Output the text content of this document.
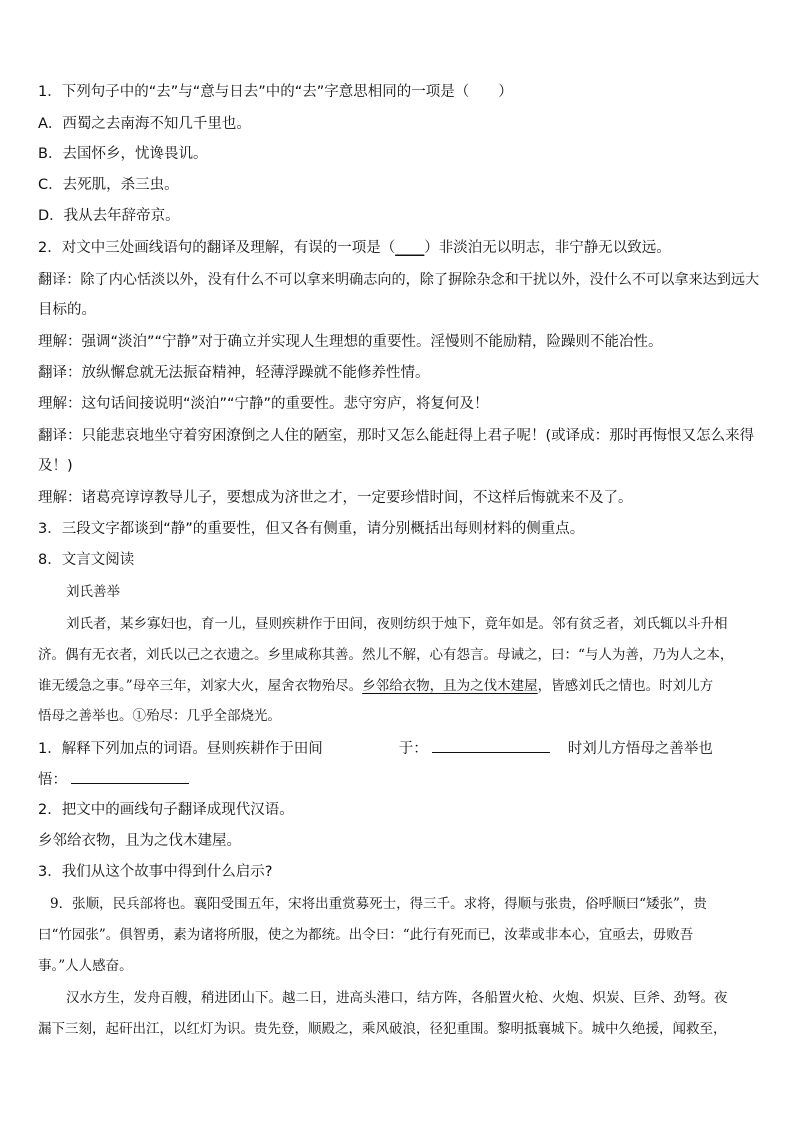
1．下列句子中的“去”与“意与日去”中的“去”字意思相同的一项是（　　）
A．西蜀之去南海不知几千里也。
B．去国怀乡，忧谗畏讥。
C．去死肌，杀三虫。
D．我从去年辞帝京。
2．对文中三处画线语句的翻译及理解，有误的一项是（____）非淡泊无以明志，非宁静无以致远。
翻译：除了内心恬淡以外，没有什么不可以拿来明确志向的，除了摒除杂念和干扰以外，没什么不可以拿来达到远大
目标的。
理解：强调“淡泊”“宁静”对于确立并实现人生理想的重要性。淫慢则不能励精，险躁则不能冶性。
翻译：放纵懈怠就无法振奋精神，轻薄浮躁就不能修养性情。
理解：这句话间接说明“淡泊”“宁静”的重要性。悲守穷庐，将复何及！
翻译：只能悲哀地坐守着穷困潦倒之人住的陋室，那时又怎么能赶得上君子呢！(或译成：那时再悔恨又怎么来得
及！)
理解：诸葛亮谆谆教导儿子，要想成为济世之才，一定要珍惜时间，不这样后悔就来不及了。
3．三段文字都谈到“静”的重要性，但又各有侧重，请分别概括出每则材料的侧重点。
8．文言文阅读
刘氏善举
刘氏者，某乡寡妇也，育一儿，昼则疾耕作于田间，夜则纺织于烛下，竟年如是。邻有贫乏者，刘氏辄以斗升相
济。偶有无衣者，刘氏以己之衣遗之。乡里咸称其善。然儿不解，心有怨言。母诫之，曰：“与人为善，乃为人之本，
谁无缓急之事。”母卒三年，刘家大火，屋舍衣物殆尽。乡邻给衣物，且为之伐木建屋，皆感刘氏之情也。时刘儿方
悟母之善举也。①殆尽：几乎全部烧光。
1．解释下列加点的词语。昼则疾耕作于田间	于：	时刘儿方悟母之善举也
悟：
2．把文中的画线句子翻译成现代汉语。
乡邻给衣物，且为之伐木建屋。
3．我们从这个故事中得到什么启示?
9．张顺，民兵部将也。襄阳受围五年，宋将出重赏募死士，得三千。求将，得顺与张贵，俗呼顺曰“矮张”，贵
曰“竹园张”。俱智勇，素为诸将所服，使之为都统。出令曰：“此行有死而已，汝辈或非本心，宜亟去，毋败吾
事。”人人感奋。
汉水方生，发舟百艘，稍进团山下。越二日，进高头港口，结方阵，各船置火枪、火炮、炽炭、巨斧、劲弩。夜
漏下三刻，起矸出江，以红灯为识。贵先登，顺殿之，乘风破浪，径犯重围。黎明抵襄城下。城中久绝援，闻救至，
